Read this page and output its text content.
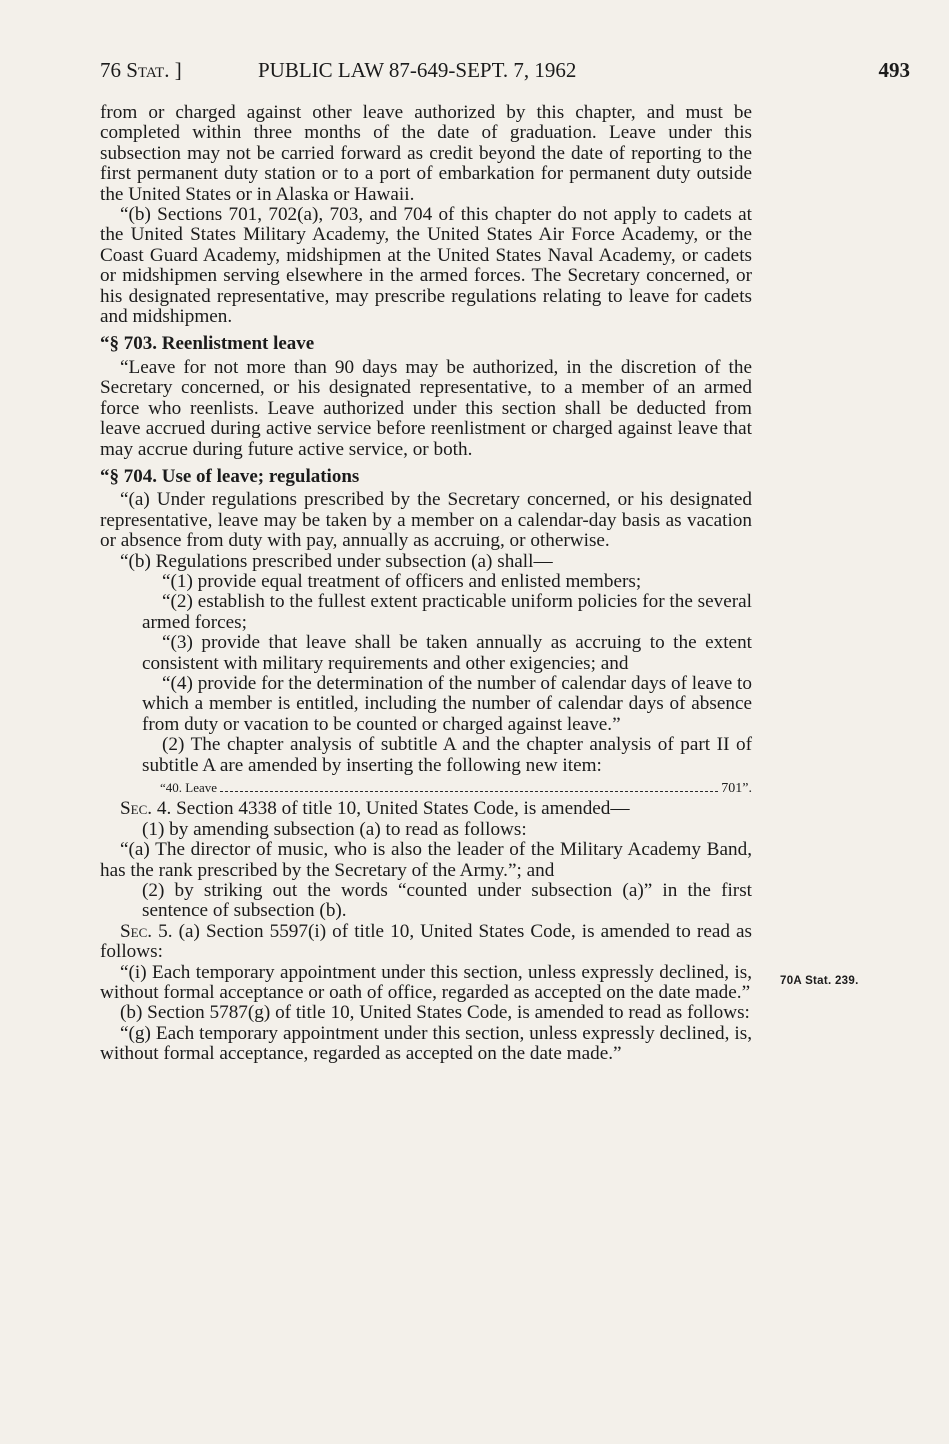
76 Stat. ]	PUBLIC LAW 87-649-SEPT. 7, 1962	493

70A Stat. 239.

from or charged against other leave authorized by this chapter, and must be completed within three months of the date of graduation. Leave under this subsection may not be carried forward as credit beyond the date of reporting to the first permanent duty station or to a port of embarkation for permanent duty outside the United States or in Alaska or Hawaii.

“(b) Sections 701, 702(a), 703, and 704 of this chapter do not apply to cadets at the United States Military Academy, the United States Air Force Academy, or the Coast Guard Academy, midshipmen at the United States Naval Academy, or cadets or midshipmen serving elsewhere in the armed forces. The Secretary concerned, or his designated representative, may prescribe regulations relating to leave for cadets and midshipmen.

“§ 703. Reenlistment leave

“Leave for not more than 90 days may be authorized, in the discretion of the Secretary concerned, or his designated representative, to a member of an armed force who reenlists. Leave authorized under this section shall be deducted from leave accrued during active service before reenlistment or charged against leave that may accrue during future active service, or both.

“§ 704. Use of leave; regulations

“(a) Under regulations prescribed by the Secretary concerned, or his designated representative, leave may be taken by a member on a calendar-day basis as vacation or absence from duty with pay, annually as accruing, or otherwise.

“(b) Regulations prescribed under subsection (a) shall—

“(1) provide equal treatment of officers and enlisted members;

“(2) establish to the fullest extent practicable uniform policies for the several armed forces;

“(3) provide that leave shall be taken annually as accruing to the extent consistent with military requirements and other exigencies; and

“(4) provide for the determination of the number of calendar days of leave to which a member is entitled, including the number of calendar days of absence from duty or vacation to be counted or charged against leave.”

(2) The chapter analysis of subtitle A and the chapter analysis of part II of subtitle A are amended by inserting the following new item:

“40. Leave	701”.

Sec. 4. Section 4338 of title 10, United States Code, is amended—

(1) by amending subsection (a) to read as follows:

“(a) The director of music, who is also the leader of the Military Academy Band, has the rank prescribed by the Secretary of the Army.”; and

(2) by striking out the words “counted under subsection (a)” in the first sentence of subsection (b).

Sec. 5. (a) Section 5597(i) of title 10, United States Code, is amended to read as follows:

“(i) Each temporary appointment under this section, unless expressly declined, is, without formal acceptance or oath of office, regarded as accepted on the date made.”

(b) Section 5787(g) of title 10, United States Code, is amended to read as follows:

“(g) Each temporary appointment under this section, unless expressly declined, is, without formal acceptance, regarded as accepted on the date made.”
